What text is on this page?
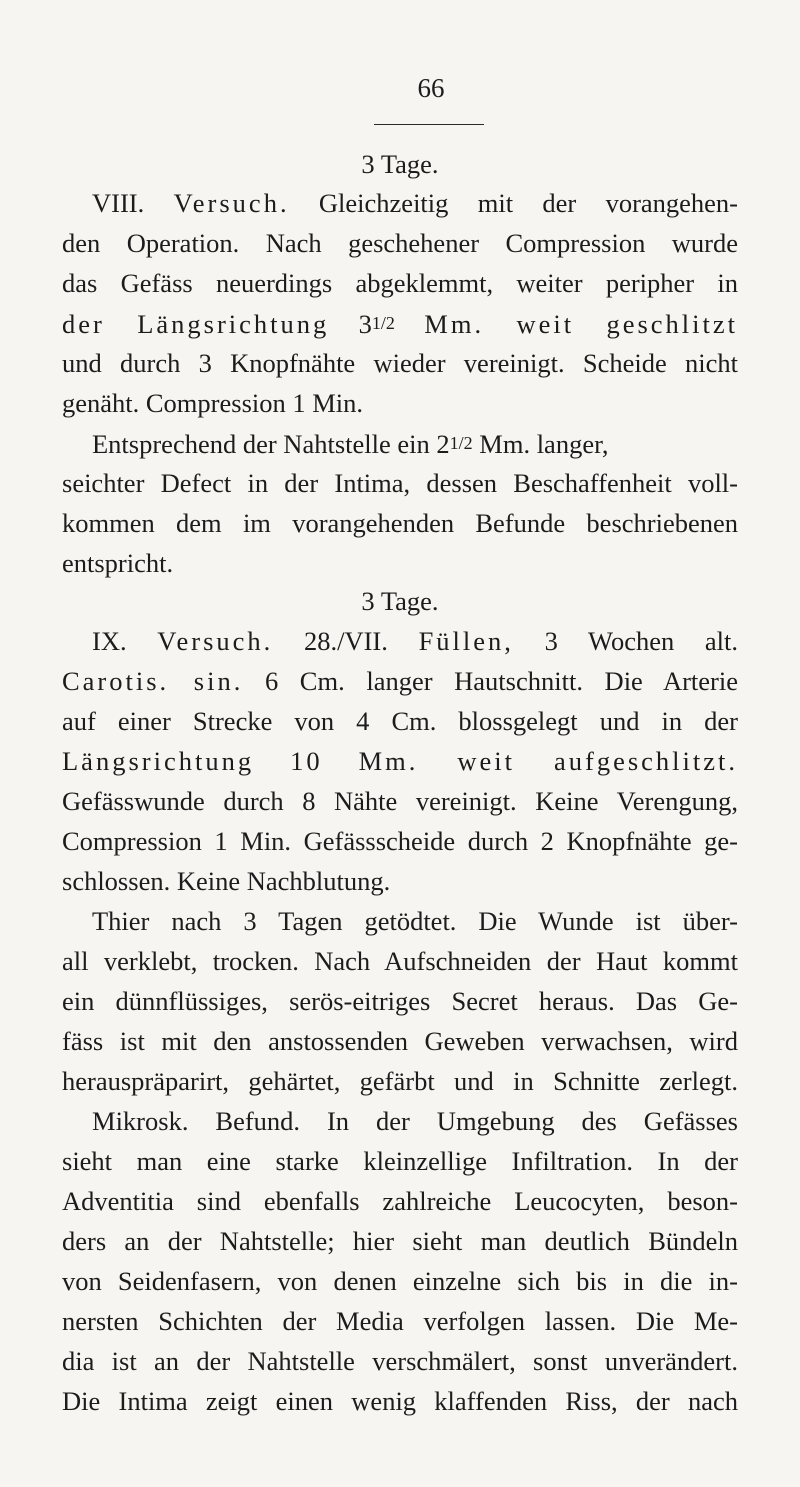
66
3 Tage.
VIII. Versuch. Gleichzeitig mit der vorangehen-
den Operation. Nach geschehener Compression wurde
das Gefäss neuerdings abgeklemmt, weiter peripher in
der Längsrichtung 31/2 Mm. weit geschlitzt
und durch 3 Knopfnähte wieder vereinigt. Scheide nicht
genäht. Compression 1 Min.
Entsprechend der Nahtstelle ein 21/2 Mm. langer,
seichter Defect in der Intima, dessen Beschaffenheit voll-
kommen dem im vorangehenden Befunde beschriebenen
entspricht.
3 Tage.
IX. Versuch. 28./VII. Füllen, 3 Wochen alt.
Carotis. sin. 6 Cm. langer Hautschnitt. Die Arterie
auf einer Strecke von 4 Cm. blossgelegt und in der
Längsrichtung 10 Mm. weit aufgeschlitzt.
Gefässwunde durch 8 Nähte vereinigt. Keine Verengung,
Compression 1 Min. Gefässscheide durch 2 Knopfnähte ge-
schlossen. Keine Nachblutung.
Thier nach 3 Tagen getödtet. Die Wunde ist über-
all verklebt, trocken. Nach Aufschneiden der Haut kommt
ein dünnflüssiges, serös-eitriges Secret heraus. Das Ge-
fäss ist mit den anstossenden Geweben verwachsen, wird
herauspräparirt, gehärtet, gefärbt und in Schnitte zerlegt.
Mikrosk. Befund. In der Umgebung des Gefässes
sieht man eine starke kleinzellige Infiltration. In der
Adventitia sind ebenfalls zahlreiche Leucocyten, beson-
ders an der Nahtstelle; hier sieht man deutlich Bündeln
von Seidenfasern, von denen einzelne sich bis in die in-
nersten Schichten der Media verfolgen lassen. Die Me-
dia ist an der Nahtstelle verschmälert, sonst unverändert.
Die Intima zeigt einen wenig klaffenden Riss, der nach
